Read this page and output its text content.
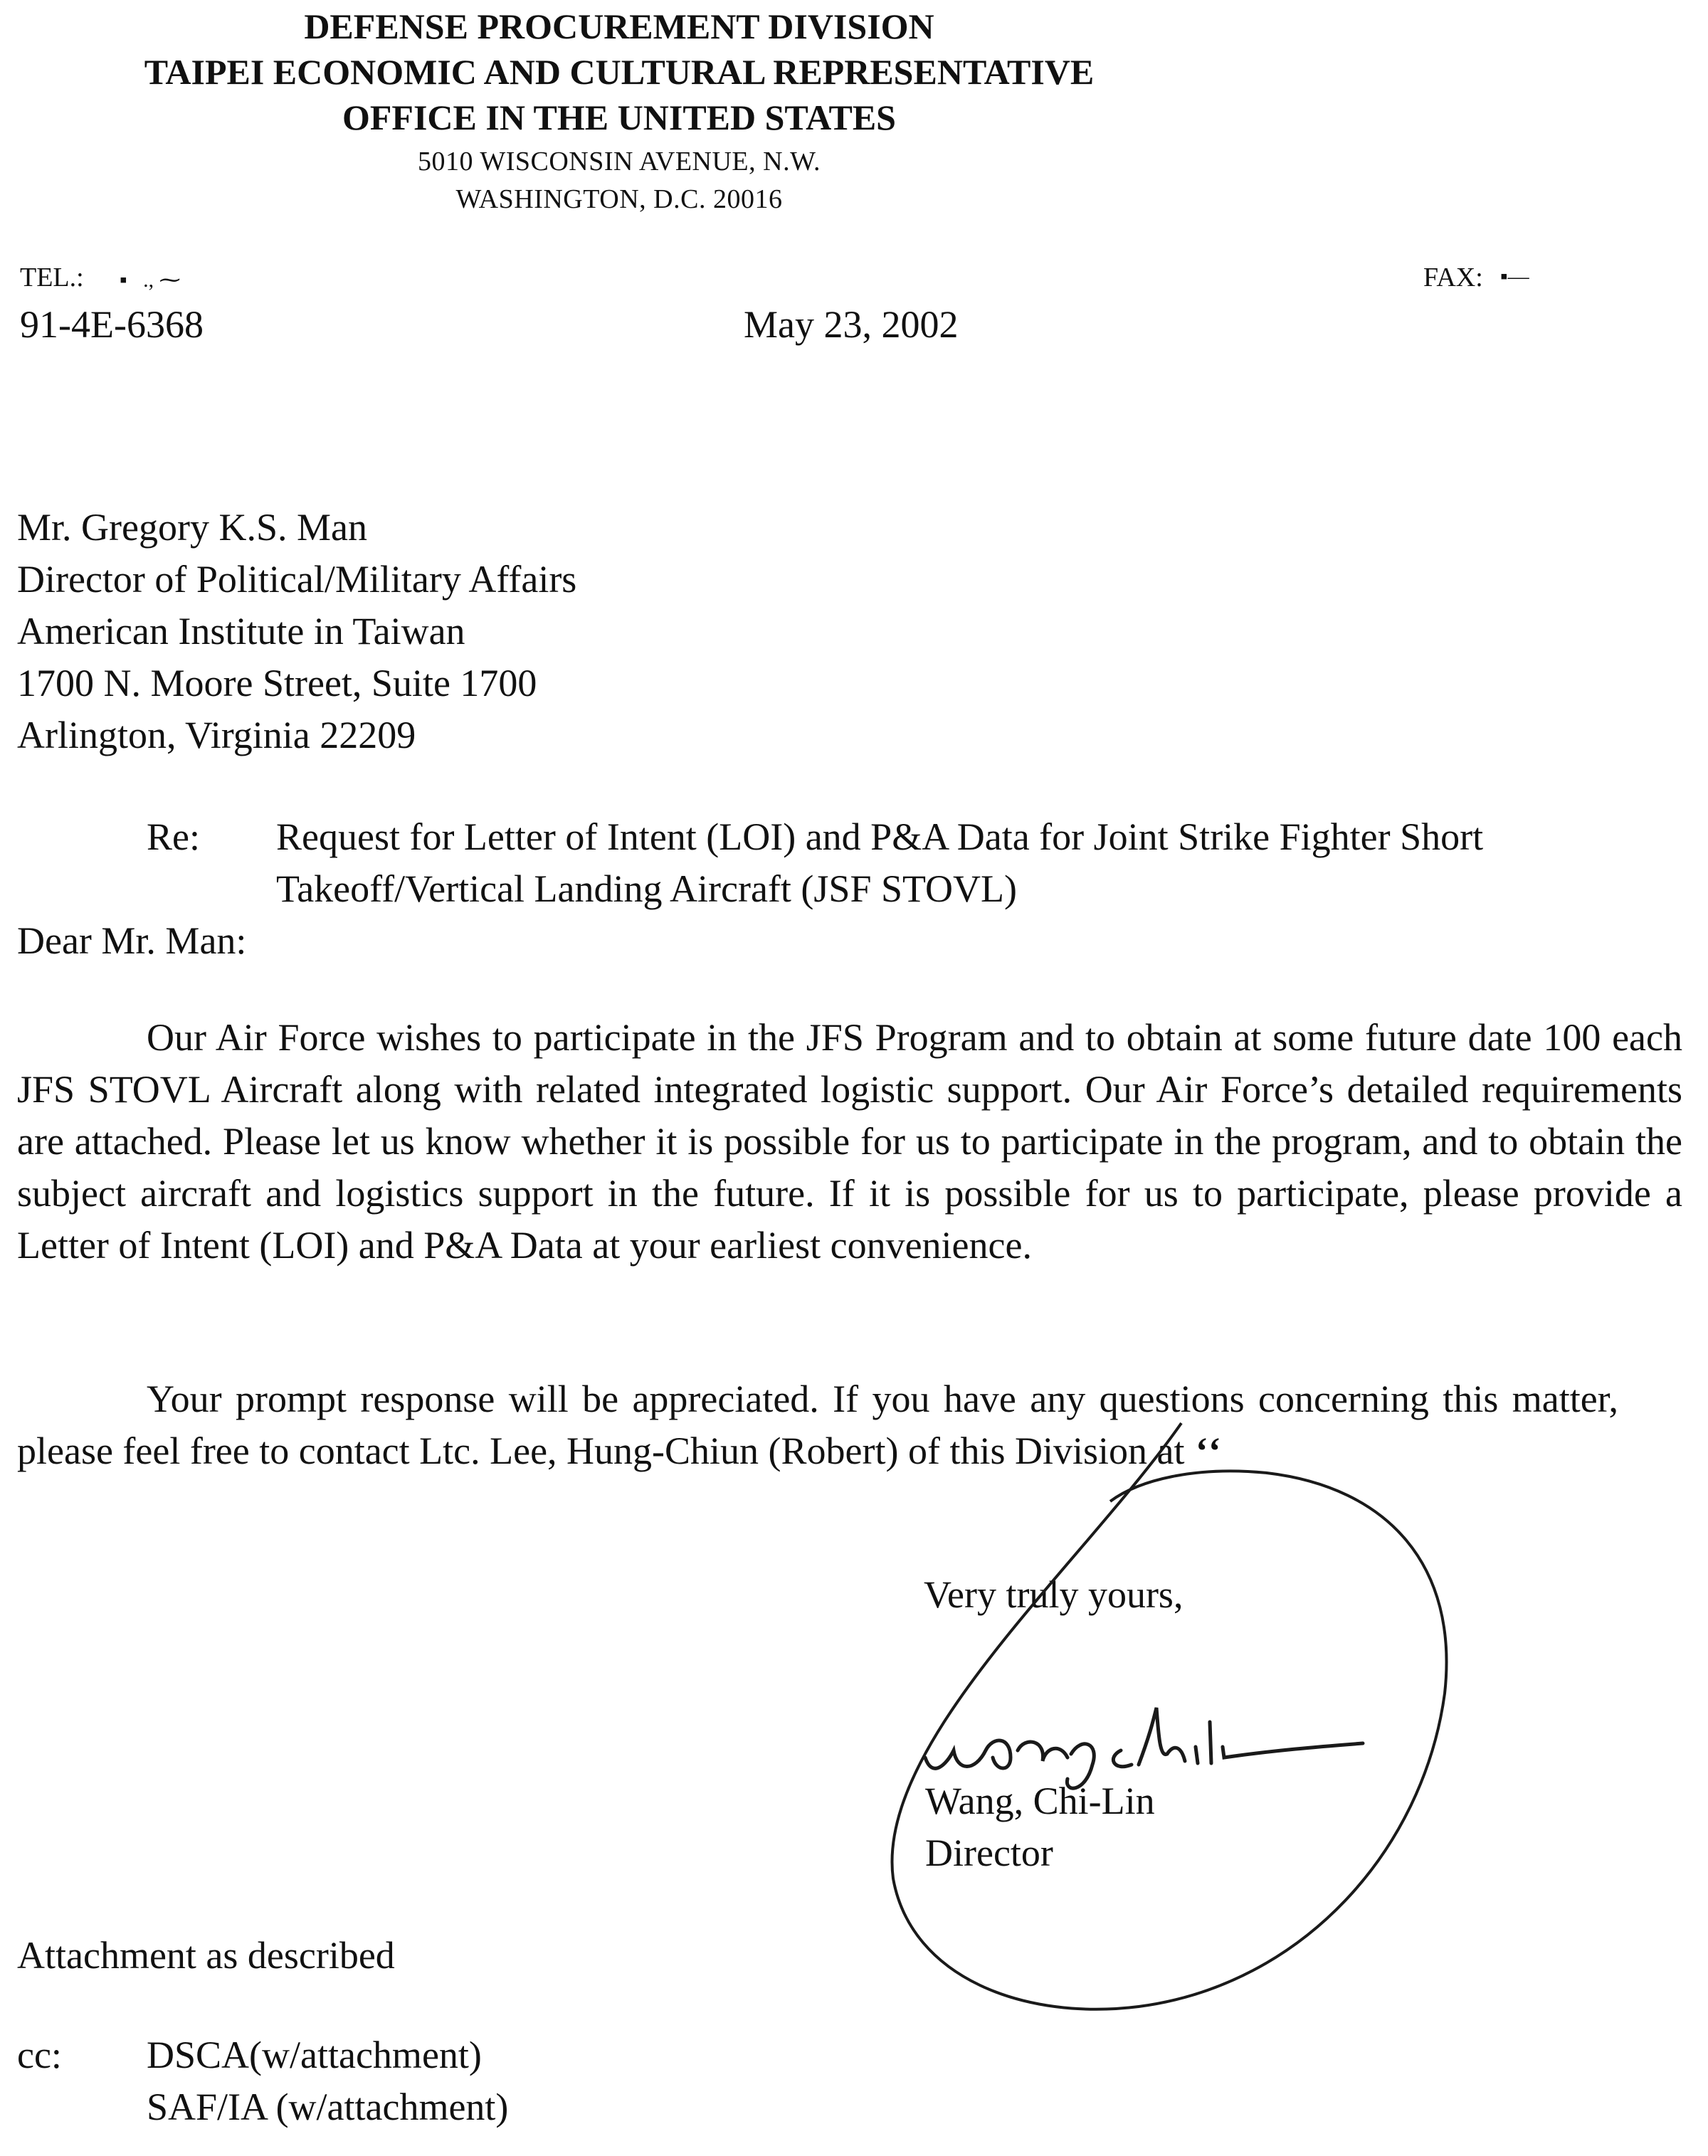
DEFENSE PROCUREMENT DIVISION
TAIPEI ECONOMIC AND CULTURAL REPRESENTATIVE
OFFICE IN THE UNITED STATES
5010 WISCONSIN AVENUE, N.W.
WASHINGTON, D.C. 20016
TEL.: ▪   ., ⁓	FAX: ▪—
91-4E-6368	May 23, 2002
Mr. Gregory K.S. Man
Director of Political/Military Affairs
American Institute in Taiwan
1700 N. Moore Street, Suite 1700
Arlington, Virginia 22209
Re: Request for Letter of Intent (LOI) and P&A Data for Joint Strike Fighter Short
Takeoff/Vertical Landing Aircraft (JSF STOVL)
Dear Mr. Man:
Our Air Force wishes to participate in the JFS Program and to obtain at some future date 100 each JFS STOVL Aircraft along with related integrated logistic support. Our Air Force’s detailed requirements are attached. Please let us know whether it is possible for us to participate in the program, and to obtain the subject aircraft and logistics support in the future. If it is possible for us to participate, please provide a Letter of Intent (LOI) and P&A Data at your earliest convenience.
Your prompt response will be appreciated. If you have any questions concerning this matter, please feel free to contact Ltc. Lee, Hung-Chiun (Robert) of this Division at ʻʻ
Very truly yours,
Wang, Chi-Lin
Director
Attachment as described
cc: DSCA(w/attachment)
SAF/IA (w/attachment)
